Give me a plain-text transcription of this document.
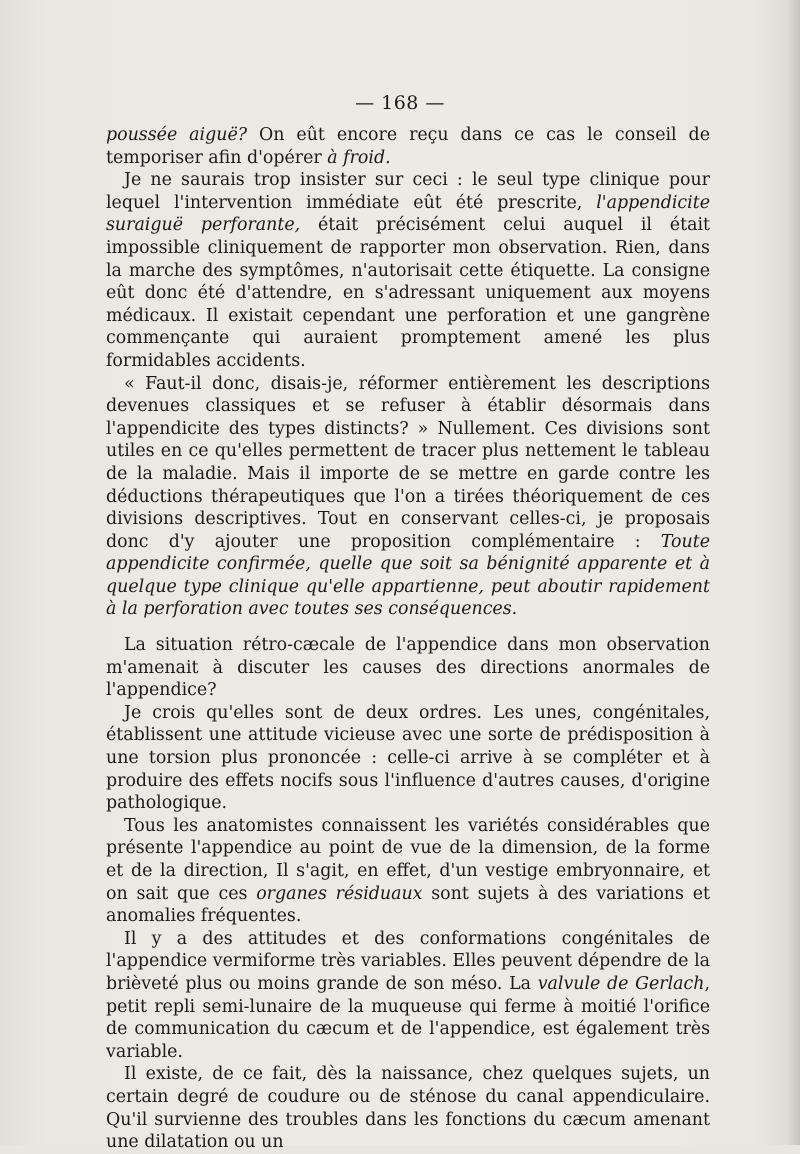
— 168 —

poussée aiguë? On eût encore reçu dans ce cas le conseil de temporiser afin d'opérer à froid.

Je ne saurais trop insister sur ceci : le seul type clinique pour lequel l'intervention immédiate eût été prescrite, l'appendicite suraiguë perforante, était précisément celui auquel il était impossible cliniquement de rapporter mon observation. Rien, dans la marche des symptômes, n'autorisait cette étiquette. La consigne eût donc été d'attendre, en s'adressant uniquement aux moyens médicaux. Il existait cependant une perforation et une gangrène commençante qui auraient promptement amené les plus formidables accidents.

« Faut-il donc, disais-je, réformer entièrement les descriptions devenues classiques et se refuser à établir désormais dans l'appendicite des types distincts? » Nullement. Ces divisions sont utiles en ce qu'elles permettent de tracer plus nettement le tableau de la maladie. Mais il importe de se mettre en garde contre les déductions thérapeutiques que l'on a tirées théoriquement de ces divisions descriptives. Tout en conservant celles-ci, je proposais donc d'y ajouter une proposition complémentaire : Toute appendicite confirmée, quelle que soit sa bénignité apparente et à quelque type clinique qu'elle appartienne, peut aboutir rapidement à la perforation avec toutes ses conséquences.

La situation rétro-cæcale de l'appendice dans mon observation m'amenait à discuter les causes des directions anormales de l'appendice?

Je crois qu'elles sont de deux ordres. Les unes, congénitales, établissent une attitude vicieuse avec une sorte de prédisposition à une torsion plus prononcée : celle-ci arrive à se compléter et à produire des effets nocifs sous l'influence d'autres causes, d'origine pathologique.

Tous les anatomistes connaissent les variétés considérables que présente l'appendice au point de vue de la dimension, de la forme et de la direction, Il s'agit, en effet, d'un vestige embryonnaire, et on sait que ces organes résiduaux sont sujets à des variations et anomalies fréquentes.

Il y a des attitudes et des conformations congénitales de l'appendice vermiforme très variables. Elles peuvent dépendre de la brièveté plus ou moins grande de son méso. La valvule de Gerlach, petit repli semi-lunaire de la muqueuse qui ferme à moitié l'orifice de communication du cæcum et de l'appendice, est également très variable.

Il existe, de ce fait, dès la naissance, chez quelques sujets, un certain degré de coudure ou de sténose du canal appendiculaire. Qu'il survienne des troubles dans les fonctions du cæcum amenant une dilatation ou un
